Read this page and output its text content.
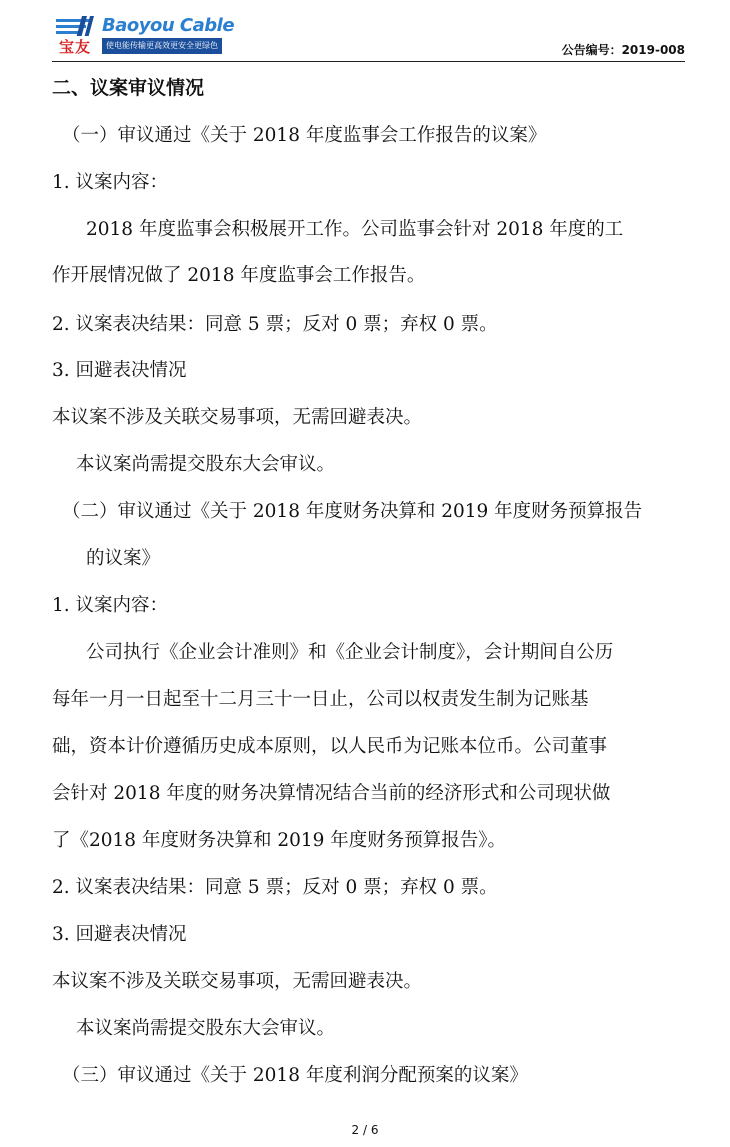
宝友
Baoyou Cable
使电能传输更高效更安全更绿色	公告编号：2019-008
二、议案审议情况
（一）审议通过《关于 2018 年度监事会工作报告的议案》
1. 议案内容：
2018 年度监事会积极展开工作。公司监事会针对 2018 年度的工
作开展情况做了 2018 年度监事会工作报告。
2. 议案表决结果：同意 5 票；反对 0 票；弃权 0 票。
3. 回避表决情况
本议案不涉及关联交易事项，无需回避表决。
本议案尚需提交股东大会审议。
（二）审议通过《关于 2018 年度财务决算和 2019 年度财务预算报告
的议案》
1. 议案内容：
公司执行《企业会计准则》和《企业会计制度》，会计期间自公历
每年一月一日起至十二月三十一日止，公司以权责发生制为记账基
础，资本计价遵循历史成本原则，以人民币为记账本位币。公司董事
会针对 2018 年度的财务决算情况结合当前的经济形式和公司现状做
了《2018 年度财务决算和 2019 年度财务预算报告》。
2. 议案表决结果：同意 5 票；反对 0 票；弃权 0 票。
3. 回避表决情况
本议案不涉及关联交易事项，无需回避表决。
本议案尚需提交股东大会审议。
（三）审议通过《关于 2018 年度利润分配预案的议案》
2 / 6
